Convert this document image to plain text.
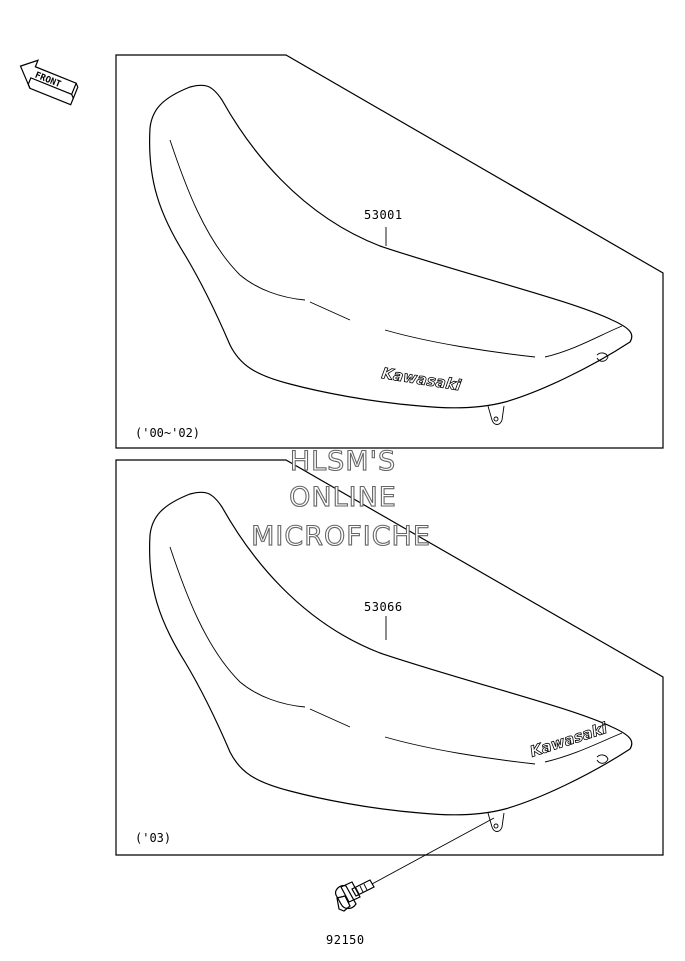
FRONT
Kawasaki
53001
('00~'02)
Kawasaki
53066
('03)
92150
HLSM'S
ONLINE
MICROFICHE
